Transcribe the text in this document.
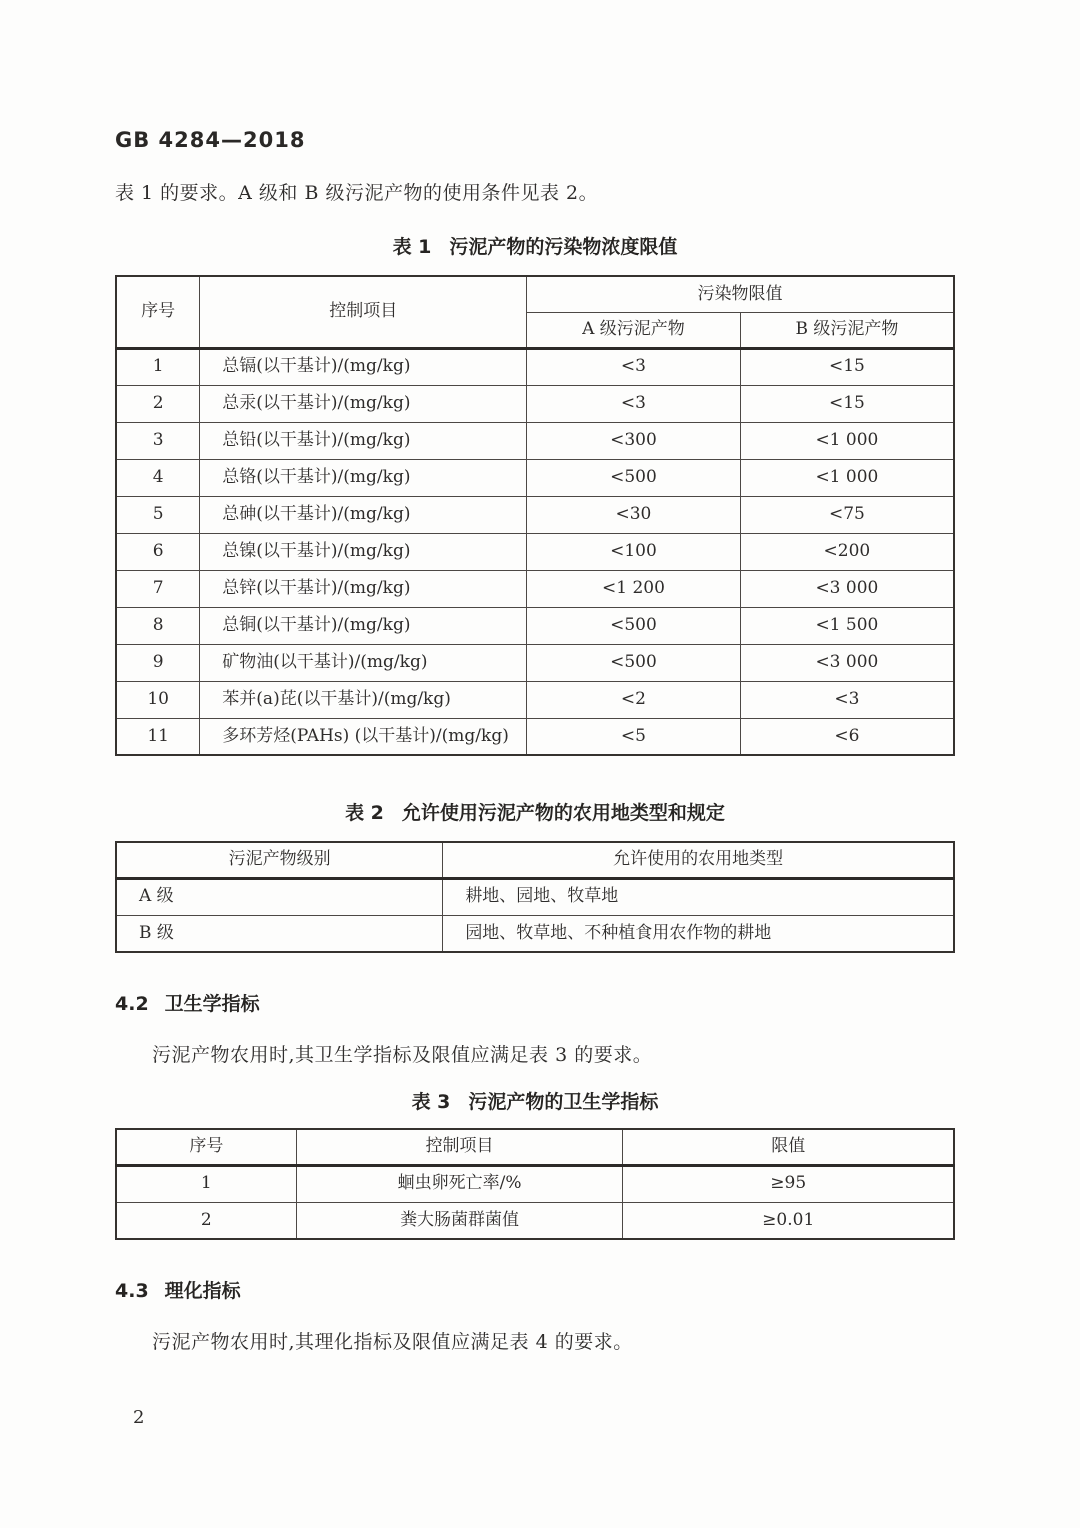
GB 4284—2018

表 1 的要求。A 级和 B 级污泥产物的使用条件见表 2。

表 1 污泥产物的污染物浓度限值
序号	控制项目	污染物限值	
		A 级污泥产物	B 级污泥产物
1	总镉(以干基计)/(mg/kg)	<3	<15
2	总汞(以干基计)/(mg/kg)	<3	<15
3	总铅(以干基计)/(mg/kg)	<300	<1 000
4	总铬(以干基计)/(mg/kg)	<500	<1 000
5	总砷(以干基计)/(mg/kg)	<30	<75
6	总镍(以干基计)/(mg/kg)	<100	<200
7	总锌(以干基计)/(mg/kg)	<1 200	<3 000
8	总铜(以干基计)/(mg/kg)	<500	<1 500
9	矿物油(以干基计)/(mg/kg)	<500	<3 000
10	苯并(a)芘(以干基计)/(mg/kg)	<2	<3
11	多环芳烃(PAHs) (以干基计)/(mg/kg)	<5	<6
表 2 允许使用污泥产物的农用地类型和规定
污泥产物级别	允许使用的农用地类型
A 级	耕地、园地、牧草地
B 级	园地、牧草地、不种植食用农作物的耕地
4.2 卫生学指标

污泥产物农用时,其卫生学指标及限值应满足表 3 的要求。

表 3 污泥产物的卫生学指标
序号	控制项目	限值
1	蛔虫卵死亡率/%	≥95
2	粪大肠菌群菌值	≥0.01
4.3 理化指标

污泥产物农用时,其理化指标及限值应满足表 4 的要求。

2
